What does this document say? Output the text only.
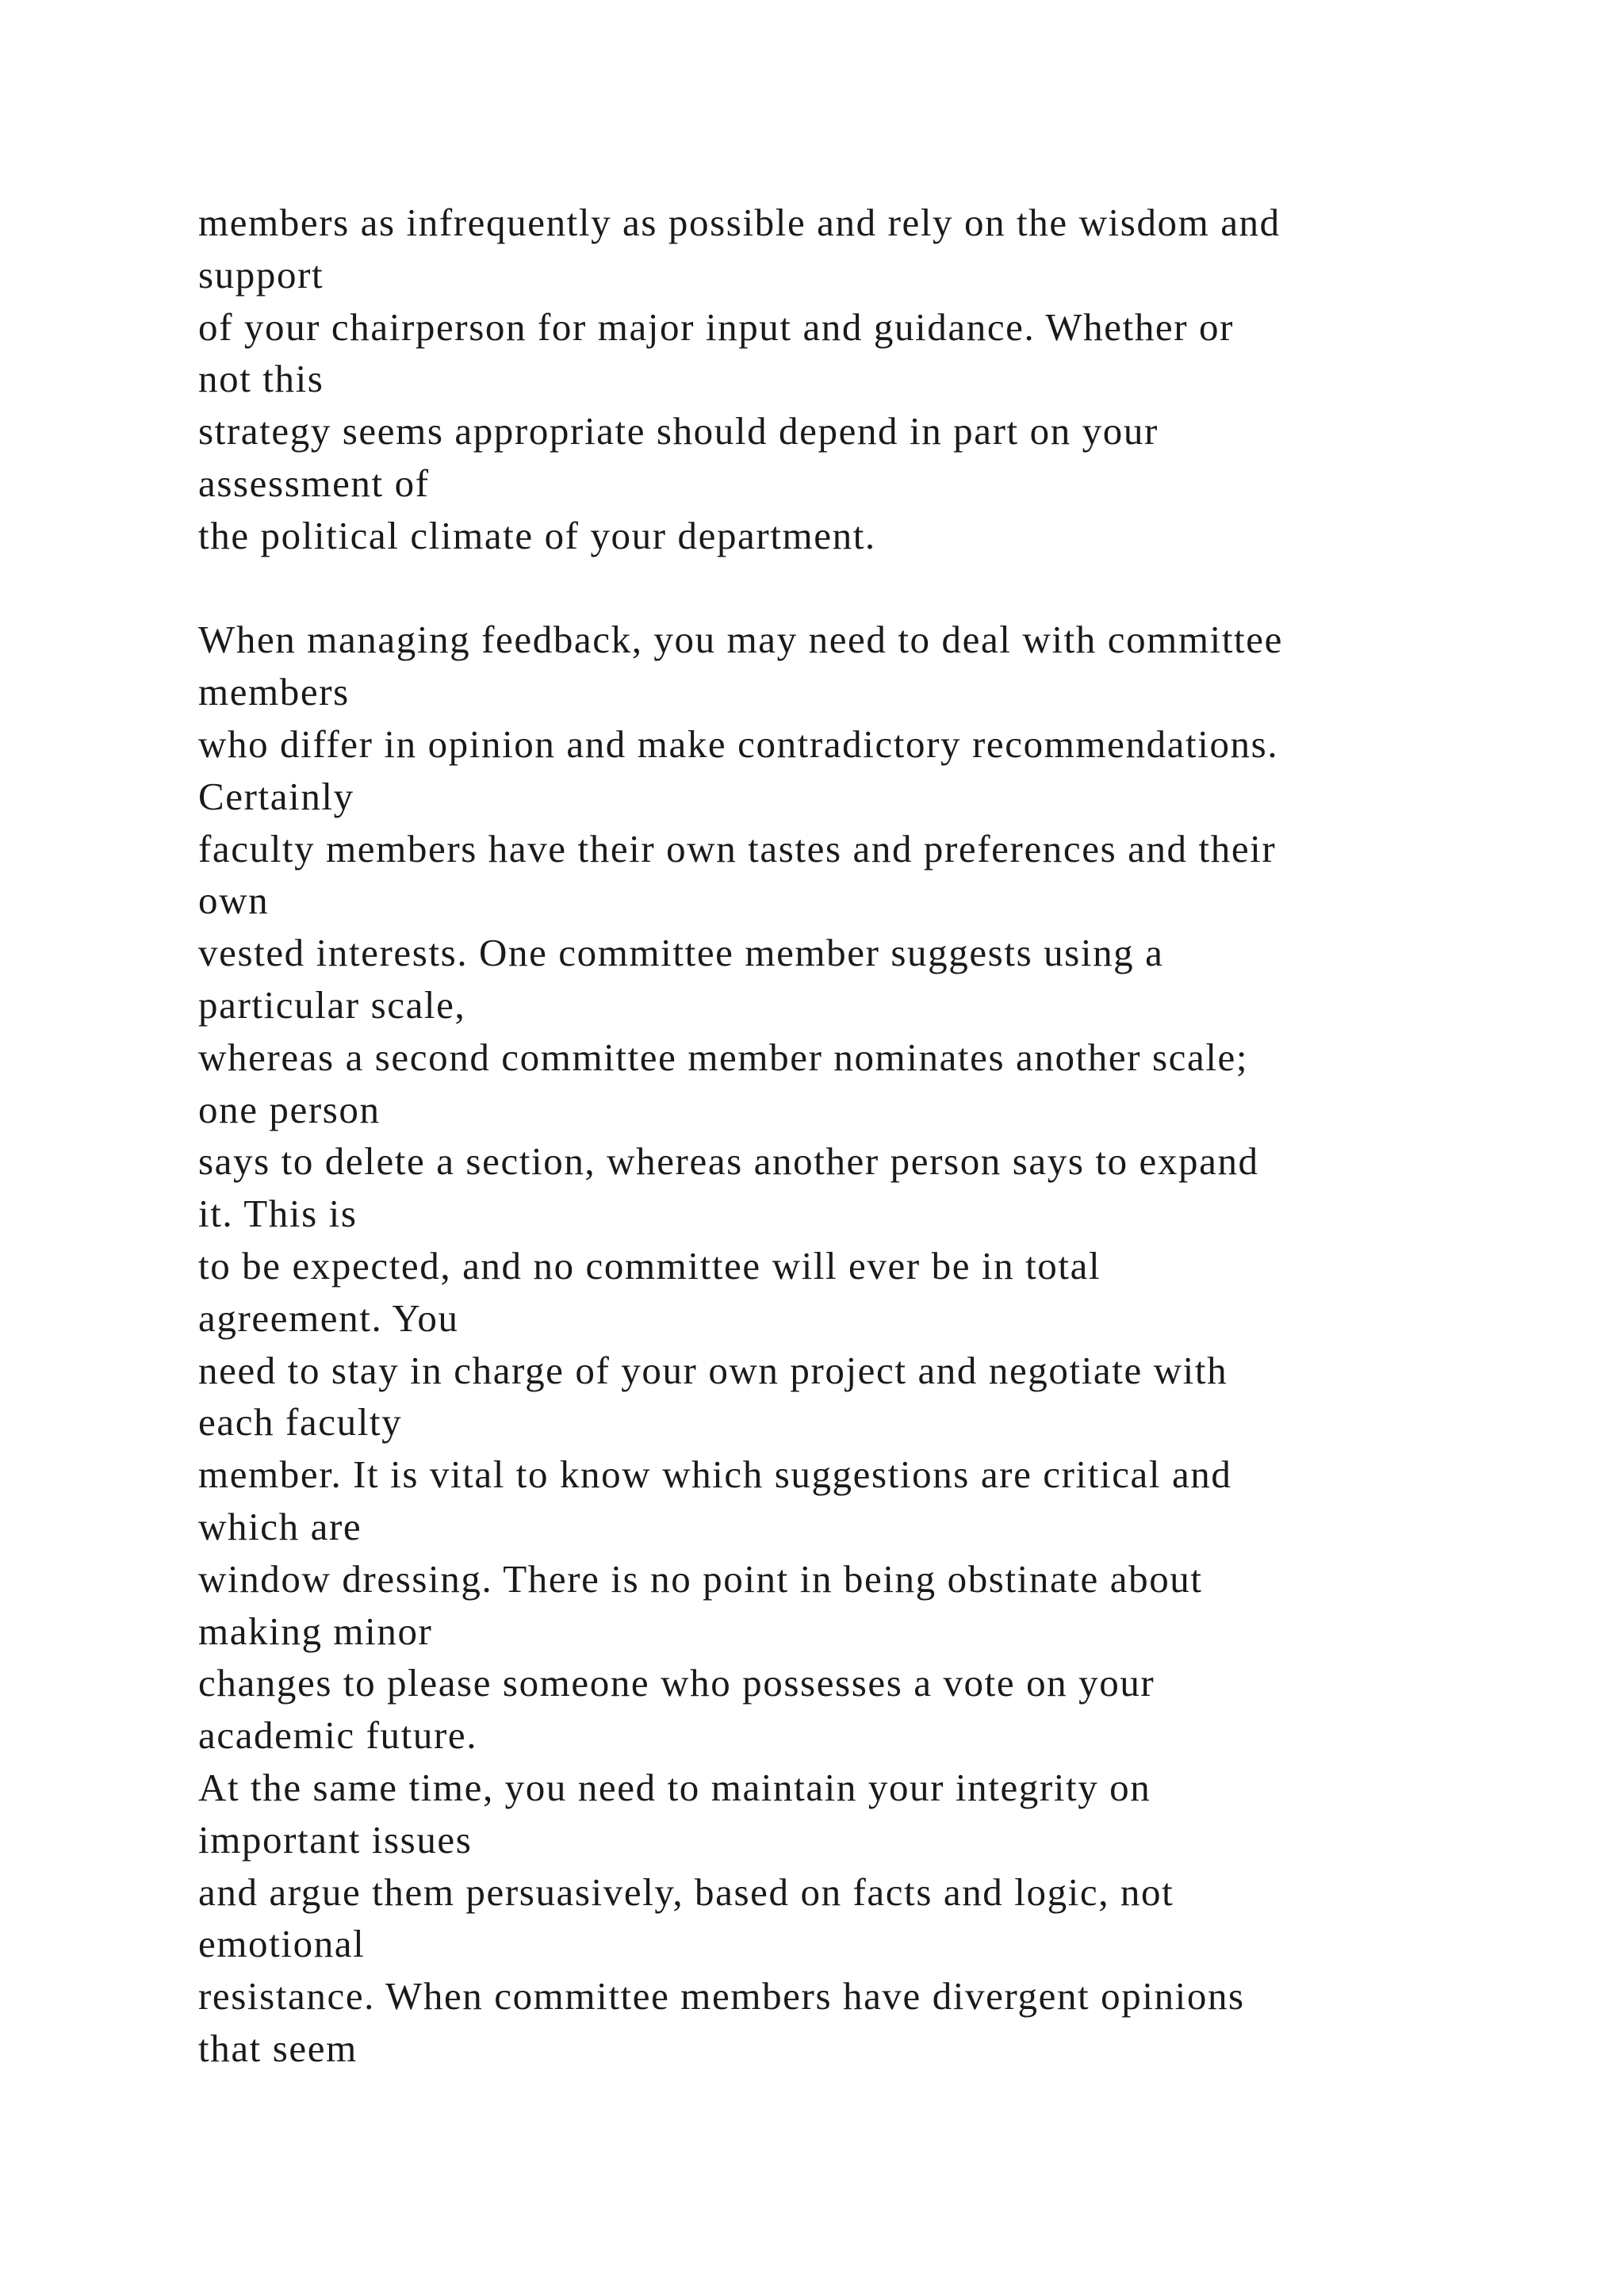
members as infrequently as possible and rely on the wisdom and
support
of your chairperson for major input and guidance. Whether or
not this
strategy seems appropriate should depend in part on your
assessment of
the political climate of your department.
When managing feedback, you may need to deal with committee
members
who differ in opinion and make contradictory recommendations.
Certainly
faculty members have their own tastes and preferences and their
own
vested interests. One committee member suggests using a
particular scale,
whereas a second committee member nominates another scale;
one person
says to delete a section, whereas another person says to expand
it. This is
to be expected, and no committee will ever be in total
agreement. You
need to stay in charge of your own project and negotiate with
each faculty
member. It is vital to know which suggestions are critical and
which are
window dressing. There is no point in being obstinate about
making minor
changes to please someone who possesses a vote on your
academic future.
At the same time, you need to maintain your integrity on
important issues
and argue them persuasively, based on facts and logic, not
emotional
resistance. When committee members have divergent opinions
that seem
